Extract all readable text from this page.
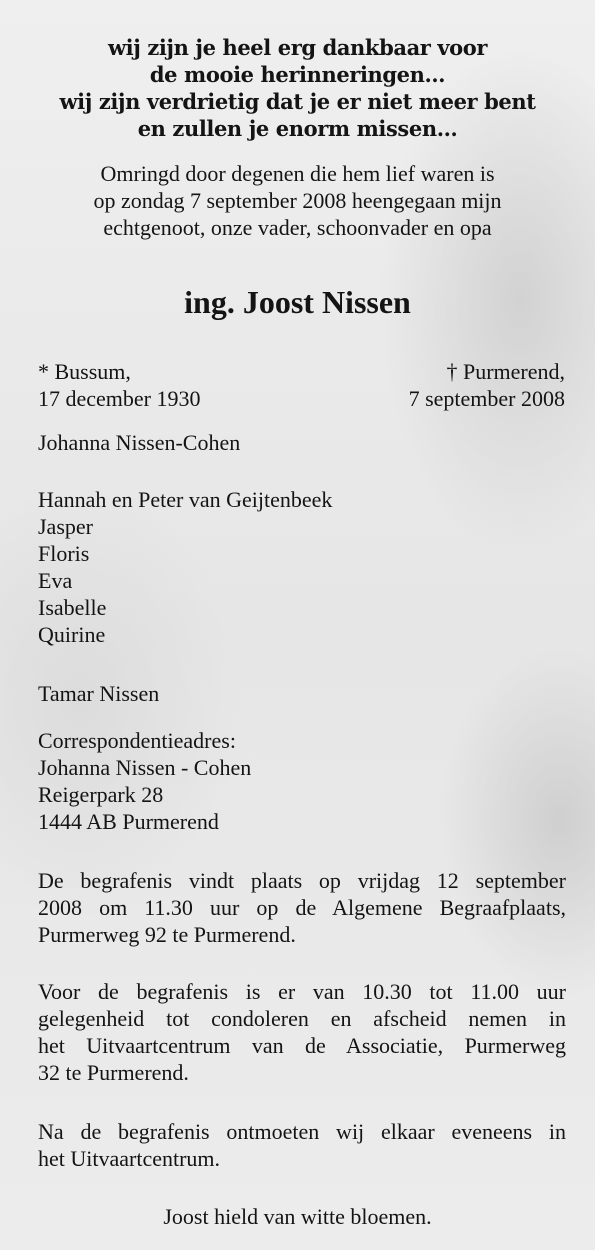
wij zijn je heel erg dankbaar voor
de mooie herinneringen…
wij zijn verdrietig dat je er niet meer bent
en zullen je enorm missen…
Omringd door degenen die hem lief waren is
op zondag 7 september 2008 heengegaan mijn
echtgenoot, onze vader, schoonvader en opa
ing. Joost Nissen
* Bussum,
17 december 1930
† Purmerend,
7 september 2008
Johanna Nissen-Cohen
Hannah en Peter van Geijtenbeek
Jasper
Floris
Eva
Isabelle
Quirine
Tamar Nissen
Correspondentieadres:
Johanna Nissen - Cohen
Reigerpark 28
1444 AB Purmerend
De begrafenis vindt plaats op vrijdag 12 september
2008 om 11.30 uur op de Algemene Begraafplaats,
Purmerweg 92 te Purmerend.
Voor de begrafenis is er van 10.30 tot 11.00 uur
gelegenheid tot condoleren en afscheid nemen in
het Uitvaartcentrum van de Associatie, Purmerweg
32 te Purmerend.
Na de begrafenis ontmoeten wij elkaar eveneens in
het Uitvaartcentrum.
Joost hield van witte bloemen.
